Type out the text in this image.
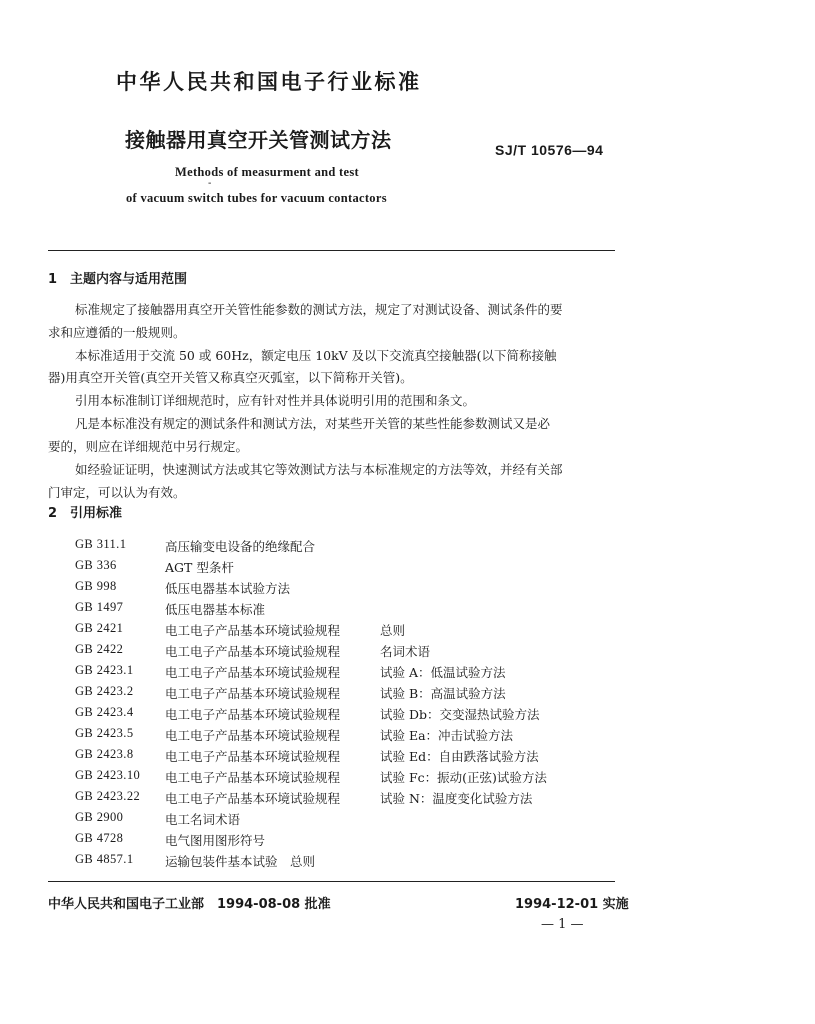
中华人民共和国电子行业标准
接触器用真空开关管测试方法	SJ/T 10576—94
Methods of measurment and test
-
of vacuum switch tubes for vacuum contactors
1 主题内容与适用范围
标准规定了接触器用真空开关管性能参数的测试方法，规定了对测试设备、测试条件的要
求和应遵循的一般规则。
本标准适用于交流 50 或 60Hz，额定电压 10kV 及以下交流真空接触器(以下简称接触
器)用真空开关管(真空开关管又称真空灭弧室，以下简称开关管)。
引用本标准制订详细规范时，应有针对性并具体说明引用的范围和条文。
凡是本标准没有规定的测试条件和测试方法，对某些开关管的某些性能参数测试又是必
要的，则应在详细规范中另行规定。
如经验证证明，快速测试方法或其它等效测试方法与本标准规定的方法等效，并经有关部
门审定，可以认为有效。
2 引用标准
GB 311.1	高压输变电设备的绝缘配合
GB 336	AGT 型条杆
GB 998	低压电器基本试验方法
GB 1497	低压电器基本标准
GB 2421	电工电子产品基本环境试验规程	总则
GB 2422	电工电子产品基本环境试验规程	名词术语
GB 2423.1	电工电子产品基本环境试验规程	试验 A：低温试验方法
GB 2423.2	电工电子产品基本环境试验规程	试验 B：高温试验方法
GB 2423.4	电工电子产品基本环境试验规程	试验 Db：交变湿热试验方法
GB 2423.5	电工电子产品基本环境试验规程	试验 Ea：冲击试验方法
GB 2423.8	电工电子产品基本环境试验规程	试验 Ed：自由跌落试验方法
GB 2423.10 电工电子产品基本环境试验规程	试验 Fc：振动(正弦)试验方法
GB 2423.22 电工电子产品基本环境试验规程	试验 N：温度变化试验方法
GB 2900	电工名词术语
GB 4728	电气图用图形符号
GB 4857.1	运输包装件基本试验　总则
中华人民共和国电子工业部　1994-08-08 批准	1994-12-01 实施
— 1 —
